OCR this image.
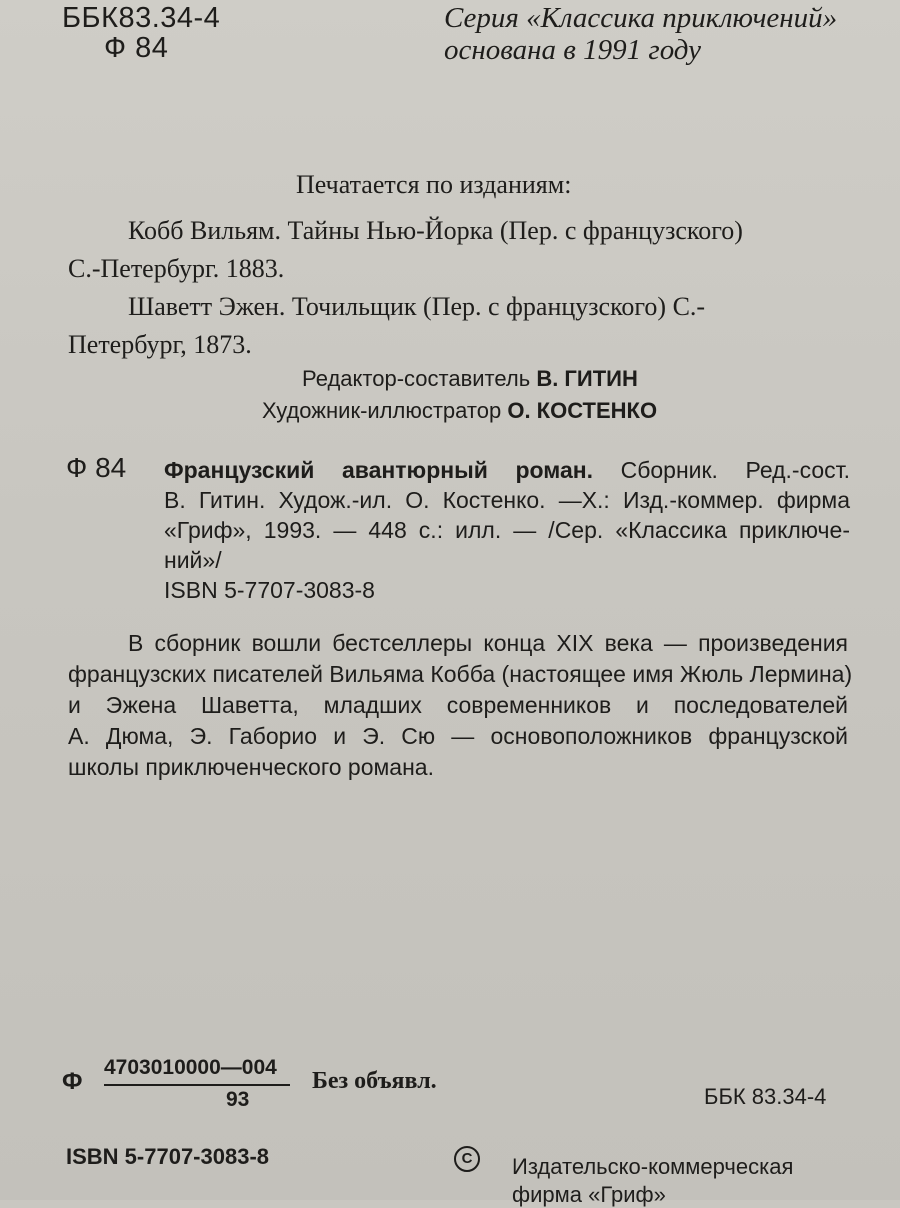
ББК83.34-4
Ф 84
Серия «Классика приключений»
основана в 1991 году
Печатается по изданиям:
Кобб Вильям. Тайны Нью-Йорка (Пер. с французского)
С.-Петербург. 1883.
Шаветт Эжен. Точильщик (Пер. с французского) С.-
Петербург, 1873.
Редактор-составитель В. ГИТИН
Художник-иллюстратор О. КОСТЕНКО
Ф 84 Французский авантюрный роман. Сборник. Ред.-сост.
В. Гитин. Худож.-ил. О. Костенко. —Х.: Изд.-коммер. фирма
«Гриф», 1993. — 448 с.: илл. — /Сер. «Классика приключе-
ний»/
ISBN 5-7707-3083-8
В сборник вошли бестселлеры конца XIX века — произведения
французских писателей Вильяма Кобба (настоящее имя Жюль Лермина)
и Эжена Шаветта, младших современников и последователей
А. Дюма, Э. Габорио и Э. Сю — основоположников французской
школы приключенческого романа.
Ф
4703010000—004
93
Без объявл.
ББК 83.34-4
ISBN 5-7707-3083-8	C	Издательско-коммерческая
фирма «Гриф»
